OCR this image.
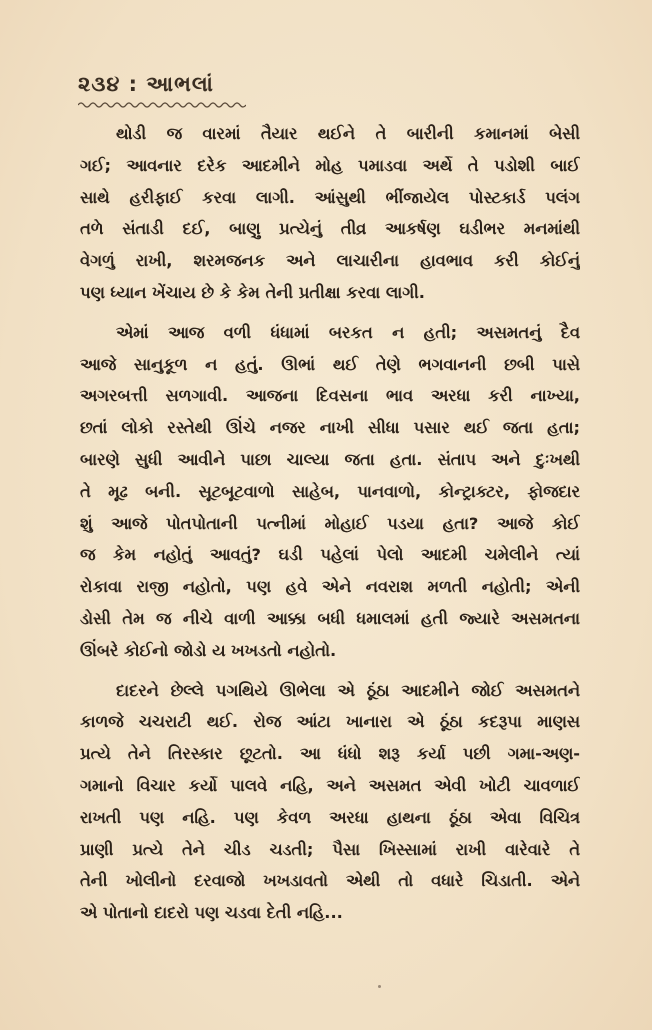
૨૩૪ : આભલાં
થોડી જ વારમાં તૈયાર થઈને તે બારીની કમાનમાં બેસી
ગઈ; આવનાર દરેક આદમીને મોહ પમાડવા અર્થે તે પડોશી બાઈ
સાથે હરીફાઈ કરવા લાગી. આંસુથી ભીંજાયેલ પોસ્ટકાર્ડ પલંગ
તળે સંતાડી દઈ, બાણુ પ્રત્યેનું તીવ્ર આકર્ષણ ઘડીભર મનમાંથી
વેગળું રાખી, શરમજનક અને લાચારીના હાવભાવ કરી કોઈનું
પણ ધ્યાન ખેંચાય છે કે કેમ તેની પ્રતીક્ષા કરવા લાગી.
એમાં આજ વળી ધંધામાં બરકત ન હતી; અસમતનું દૈવ
આજે સાનુકૂળ ન હતું. ઊભાં થઈ તેણે ભગવાનની છબી પાસે
અગરબત્તી સળગાવી. આજના દિવસના ભાવ અરધા કરી નાખ્યા,
છતાં લોકો રસ્તેથી ઊંચે નજર નાખી સીધા પસાર થઈ જતા હતા;
બારણે સુધી આવીને પાછા ચાલ્યા જતા હતા. સંતાપ અને દુઃખથી
તે મૂઢ બની. સૂટબૂટવાળો સાહેબ, પાનવાળો, કોન્ટ્રાક્ટર, ફોજદાર
શું આજે પોતપોતાની પત્નીમાં મોહાઈ પડયા હતા? આજે કોઈ
જ કેમ નહોતું આવતું? ઘડી પહેલાં પેલો આદમી ચમેલીને ત્યાં
રોકાવા રાજી નહોતો, પણ હવે એને નવરાશ મળતી નહોતી; એની
ડોસી તેમ જ નીચે વાળી આક્કા બધી ધમાલમાં હતી જ્યારે અસમતના
ઊંબરે કોઈનો જોડો ય ખખડતો નહોતો.
દાદરને છેલ્લે પગથિયે ઊભેલા એ ઠૂંઠા આદમીને જોઈ અસમતને
કાળજે ચચરાટી થઈ. રોજ આંટા ખાનારા એ ઠૂંઠા કદરૂપા માણસ
પ્રત્યે તેને તિરસ્કાર છૂટતો. આ ધંધો શરૂ કર્યા પછી ગમા-અણ-
ગમાનો વિચાર કર્યો પાલવે નહિ, અને અસમત એવી ખોટી ચાવળાઈ
રાખતી પણ નહિ. પણ કેવળ અરધા હાથના ઠૂંઠા એવા વિચિત્ર
પ્રાણી પ્રત્યે તેને ચીડ ચડતી; પૈસા ખિસ્સામાં રાખી વારેવારે તે
તેની ખોલીનો દરવાજો ખખડાવતો એથી તો વધારે ચિડાતી. એને
એ પોતાનો દાદરો પણ ચડવા દેતી નહિ...
